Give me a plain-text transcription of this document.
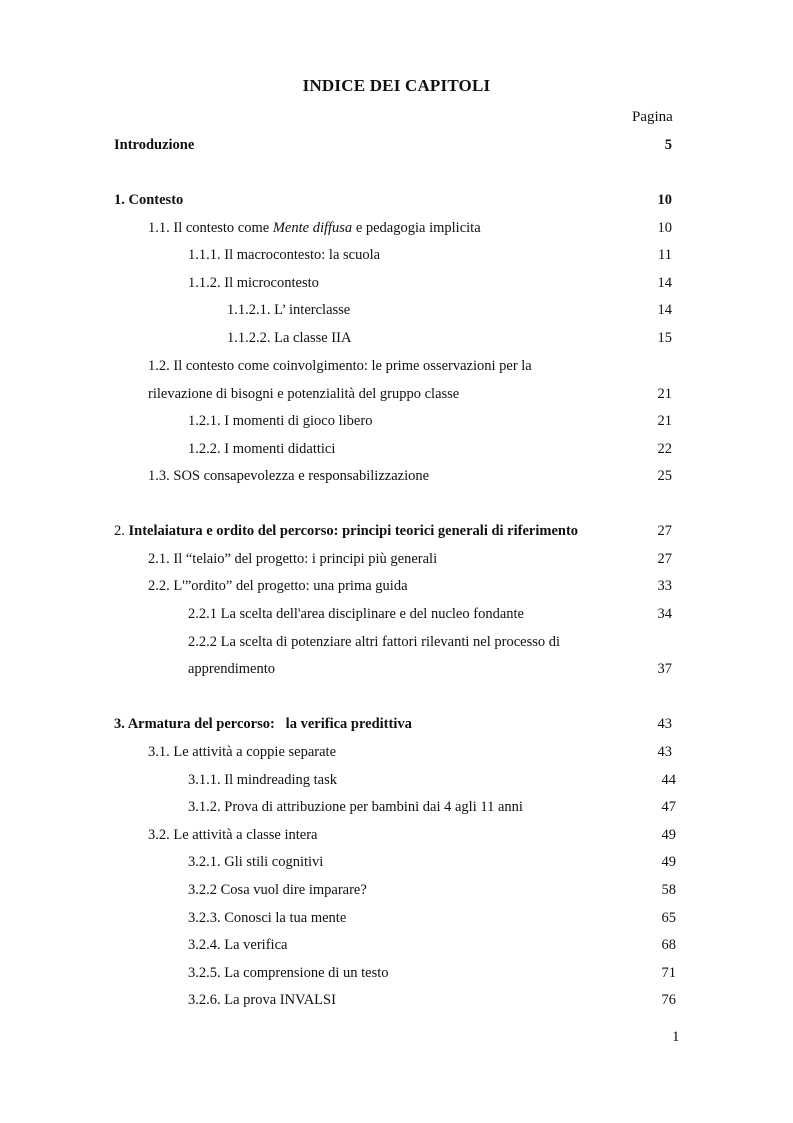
INDICE DEI CAPITOLI
Pagina
Introduzione	5
1. Contesto	10
1.1. Il contesto come Mente diffusa e pedagogia implicita	10
1.1.1. Il macrocontesto: la scuola	11
1.1.2. Il microcontesto	14
1.1.2.1. L’ interclasse	14
1.1.2.2. La classe IIA	15
1.2. Il contesto come coinvolgimento: le prime osservazioni per la
rilevazione di bisogni e potenzialità del gruppo classe	21
1.2.1. I momenti di gioco libero	21
1.2.2. I momenti didattici	22
1.3. SOS consapevolezza e responsabilizzazione	25
2. Intelaiatura e ordito del percorso: principi teorici generali di riferimento	27
2.1. Il “telaio” del progetto: i principi più generali	27
2.2. L'”ordito” del progetto: una prima guida	33
2.2.1 La scelta dell'area disciplinare e del nucleo fondante	34
2.2.2 La scelta di potenziare altri fattori rilevanti nel processo di
apprendimento	37
3. Armatura del percorso:   la verifica predittiva	43
3.1. Le attività a coppie separate	43
3.1.1. Il mindreading task	44
3.1.2. Prova di attribuzione per bambini dai 4 agli 11 anni	47
3.2. Le attività a classe intera	49
3.2.1. Gli stili cognitivi	49
3.2.2 Cosa vuol dire imparare?	58
3.2.3. Conosci la tua mente	65
3.2.4. La verifica	68
3.2.5. La comprensione di un testo	71
3.2.6. La prova INVALSI	76
1
